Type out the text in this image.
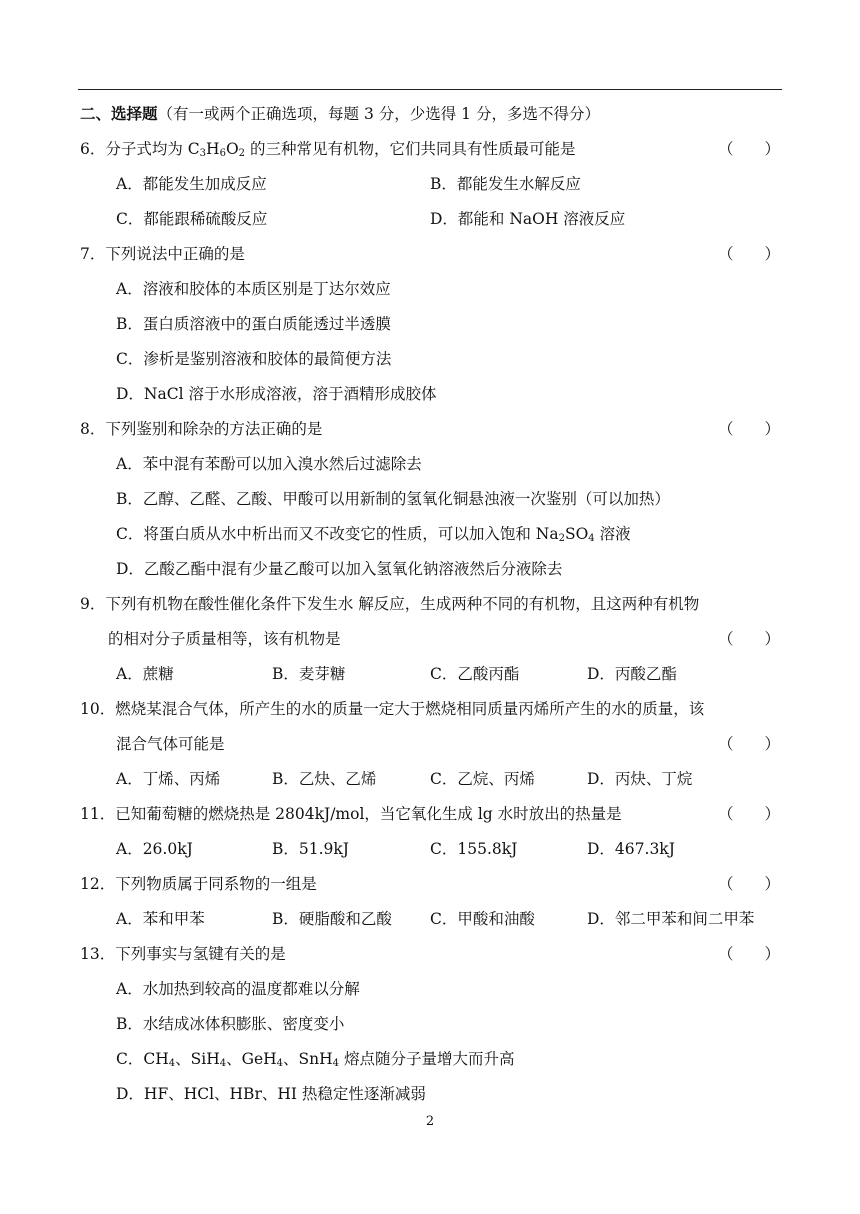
二、选择题（有一或两个正确选项，每题 3 分，少选得 1 分，多选不得分）
6．分子式均为 $C_3H_6O_2$ 的三种常见有机物，它们共同具有性质最可能是	（　　）
A．都能发生加成反应	B．都能发生水解反应
C．都能跟稀硫酸反应	D．都能和 NaOH 溶液反应
7．下列说法中正确的是	（　　）
A．溶液和胶体的本质区别是丁达尔效应
B．蛋白质溶液中的蛋白质能透过半透膜
C．渗析是鉴别溶液和胶体的最简便方法
D．NaCl 溶于水形成溶液，溶于酒精形成胶体
8．下列鉴别和除杂的方法正确的是	（　　）
A．苯中混有苯酚可以加入溴水然后过滤除去
B．乙醇、乙醛、乙酸、甲酸可以用新制的氢氧化铜悬浊液一次鉴别（可以加热）
C．将蛋白质从水中析出而又不改变它的性质，可以加入饱和 $Na_2SO_4$ 溶液
D．乙酸乙酯中混有少量乙酸可以加入氢氧化钠溶液然后分液除去
9．下列有机物在酸性催化条件下发生水 解反应，生成两种不同的有机物，且这两种有机物
的相对分子质量相等，该有机物是	（　　）
A．蔗糖	B．麦芽糖	C．乙酸丙酯	D．丙酸乙酯
10．燃烧某混合气体，所产生的水的质量一定大于燃烧相同质量丙烯所产生的水的质量，该
混合气体可能是	（　　）
A．丁烯、丙烯	B．乙炔、乙烯	C．乙烷、丙烯	D．丙炔、丁烷
11．已知葡萄糖的燃烧热是 2804kJ/mol，当它氧化生成 lg 水时放出的热量是	（　　）
A．26.0kJ	B．51.9kJ	C．155.8kJ	D．467.3kJ
12．下列物质属于同系物的一组是	（　　）
A．苯和甲苯	B．硬脂酸和乙酸 C．甲酸和油酸	D．邻二甲苯和间二甲苯
13．下列事实与氢键有关的是	（　　）
A．水加热到较高的温度都难以分解
B．水结成冰体积膨胀、密度变小
C．$CH_4$、SiH$_4$、GeH$_4$、SnH$_4$ 熔点随分子量增大而升高
D．HF、HCl、HBr、HI 热稳定性逐渐减弱
2
